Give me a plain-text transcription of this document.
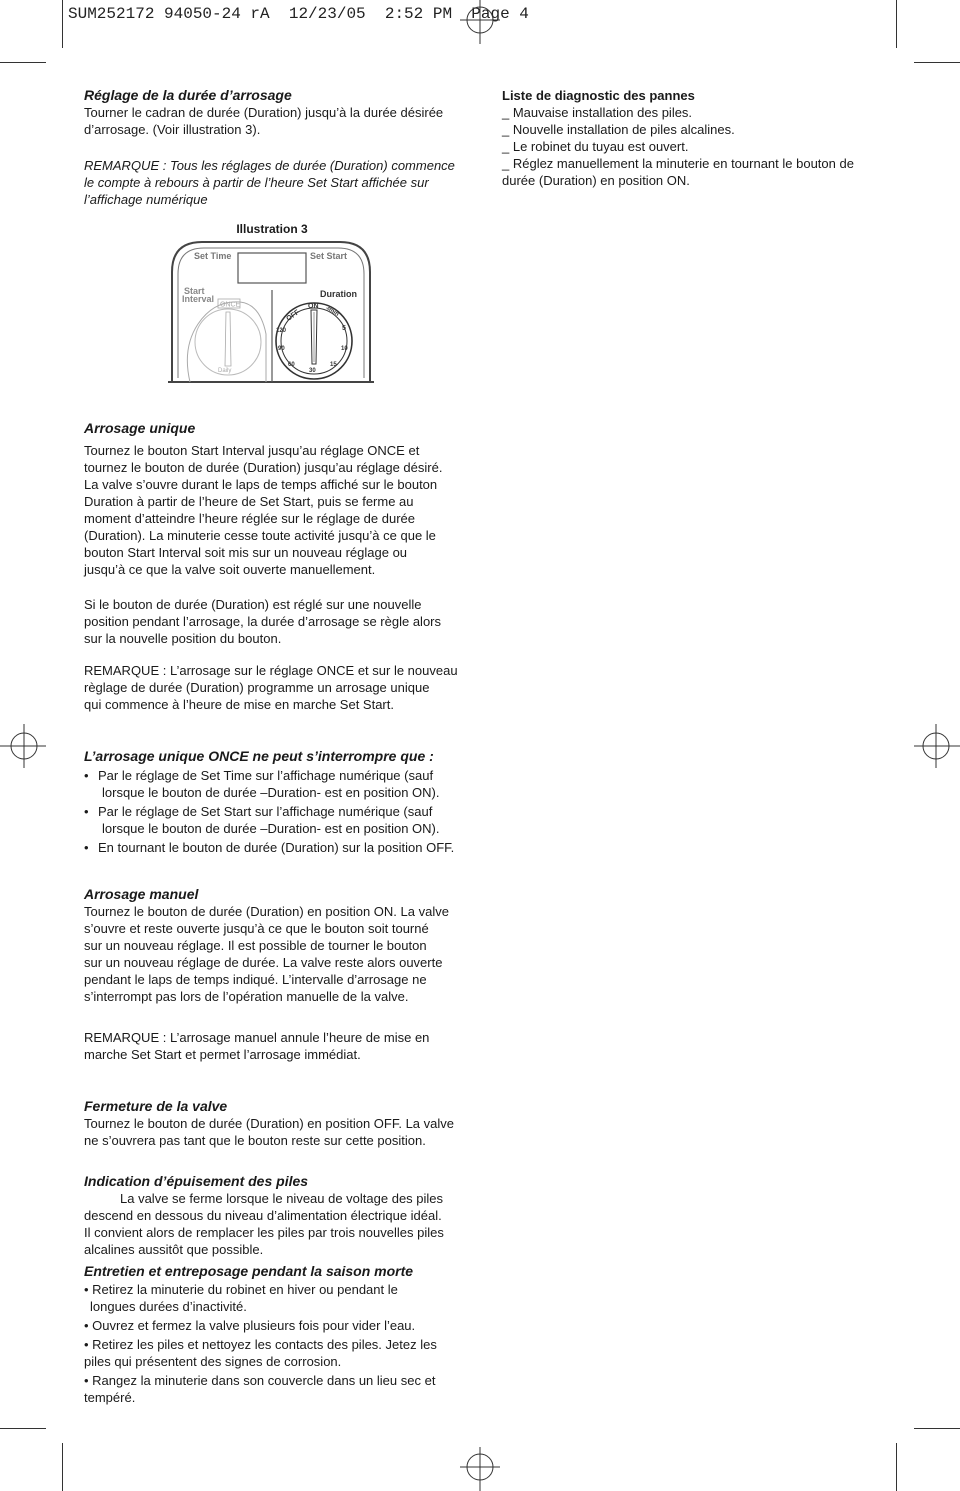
SUM252172 94050-24 rA  12/23/05  2:52 PM  Page 4
Réglage de la durée d’arrosage
Tourner le cadran de durée (Duration) jusqu’à la durée désirée
d’arrosage. (Voir illustration 3).
REMARQUE : Tous les réglages de durée (Duration) commence
le compte à rebours à partir de l’heure Set Start affichée sur
l’affichage numérique
Liste de diagnostic des pannes
_ Mauvaise installation des piles.
_ Nouvelle installation de piles alcalines.
_ Le robinet du tuyau est ouvert.
_ Réglez manuellement la minuterie en tournant le bouton de
durée (Duration) en position ON.
Illustration 3
Set Time	Set Start
Start
Interval	Duration
ONCE
Daily
OFF
ON 3min
5
10
15
30
60
90
120
Arrosage unique
Tournez le bouton Start Interval jusqu’au réglage ONCE et
tournez le bouton de durée (Duration) jusqu’au réglage désiré.
La valve s’ouvre durant le laps de temps affiché sur le bouton
Duration à partir de l’heure de Set Start, puis se ferme au
moment d’atteindre l’heure réglée sur le réglage de durée
(Duration). La minuterie cesse toute activité jusqu’à ce que le
bouton Start Interval soit mis sur un nouveau réglage ou
jusqu’à ce que la valve soit ouverte manuellement.
Si le bouton de durée (Duration) est réglé sur une nouvelle
position pendant l’arrosage, la durée d’arrosage se règle alors
sur la nouvelle position du bouton.
REMARQUE : L’arrosage sur le réglage ONCE et sur le nouveau
règlage de durée (Duration) programme un arrosage unique
qui commence à l’heure de mise en marche Set Start.
L’arrosage unique ONCE ne peut s’interrompre que :
• Par le réglage de Set Time sur l’affichage numérique (sauf
lorsque le bouton de durée –Duration- est en position ON).
• Par le réglage de Set Start sur l’affichage numérique (sauf
lorsque le bouton de durée –Duration- est en position ON).
• En tournant le bouton de durée (Duration) sur la position OFF.
Arrosage manuel
Tournez le bouton de durée (Duration) en position ON. La valve
s’ouvre et reste ouverte jusqu’à ce que le bouton soit tourné
sur un nouveau réglage. Il est possible de tourner le bouton
sur un nouveau réglage de durée. La valve reste alors ouverte
pendant le laps de temps indiqué. L’intervalle d’arrosage ne
s’interrompt pas lors de l’opération manuelle de la valve.
REMARQUE : L’arrosage manuel annule l’heure de mise en
marche Set Start et permet l’arrosage immédiat.
Fermeture de la valve
Tournez le bouton de durée (Duration) en position OFF. La valve
ne s’ouvrera pas tant que le bouton reste sur cette position.
Indication d’épuisement des piles
La valve se ferme lorsque le niveau de voltage des piles
descend en dessous du niveau d’alimentation électrique idéal.
Il convient alors de remplacer les piles par trois nouvelles piles
alcalines aussitôt que possible.
Entretien et entreposage pendant la saison morte
• Retirez la minuterie du robinet en hiver ou pendant le
longues durées d’inactivité.
• Ouvrez et fermez la valve plusieurs fois pour vider l’eau.
• Retirez les piles et nettoyez les contacts des piles. Jetez les
piles qui présentent des signes de corrosion.
• Rangez la minuterie dans son couvercle dans un lieu sec et
tempéré.
